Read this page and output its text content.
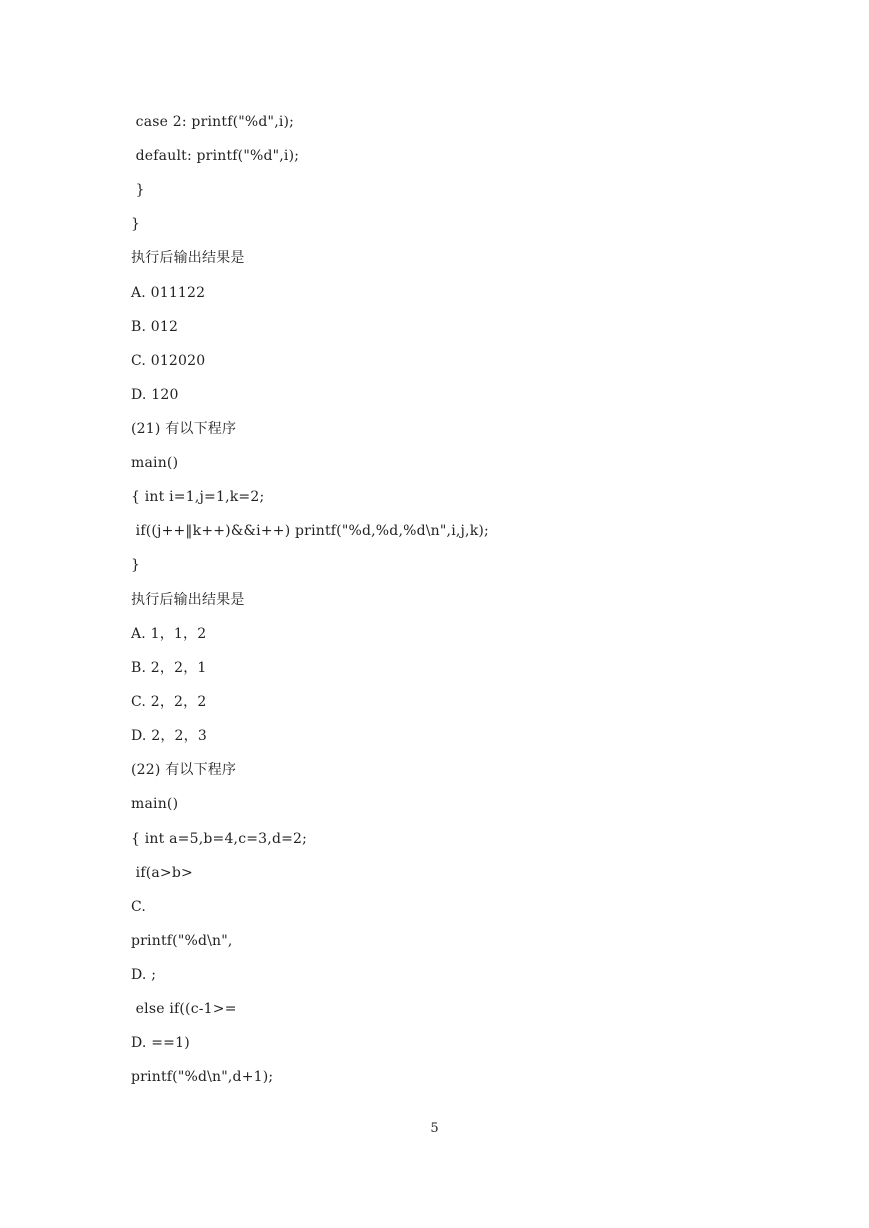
case 2: printf("%d",i);
default: printf("%d",i);
}
}
执行后输出结果是
A. 011122
B. 012
C. 012020
D. 120
(21) 有以下程序
main()
{ int i=1,j=1,k=2;
if((j++‖k++)&&i++) printf("%d,%d,%d\n",i,j,k);
}
执行后输出结果是
A. 1，1，2
B. 2，2，1
C. 2，2，2
D. 2，2，3
(22) 有以下程序
main()
{ int a=5,b=4,c=3,d=2;
if(a>b>
C.
printf("%d\n",
D. ;
else if((c-1>=
D. ==1)
printf("%d\n",d+1);
5
